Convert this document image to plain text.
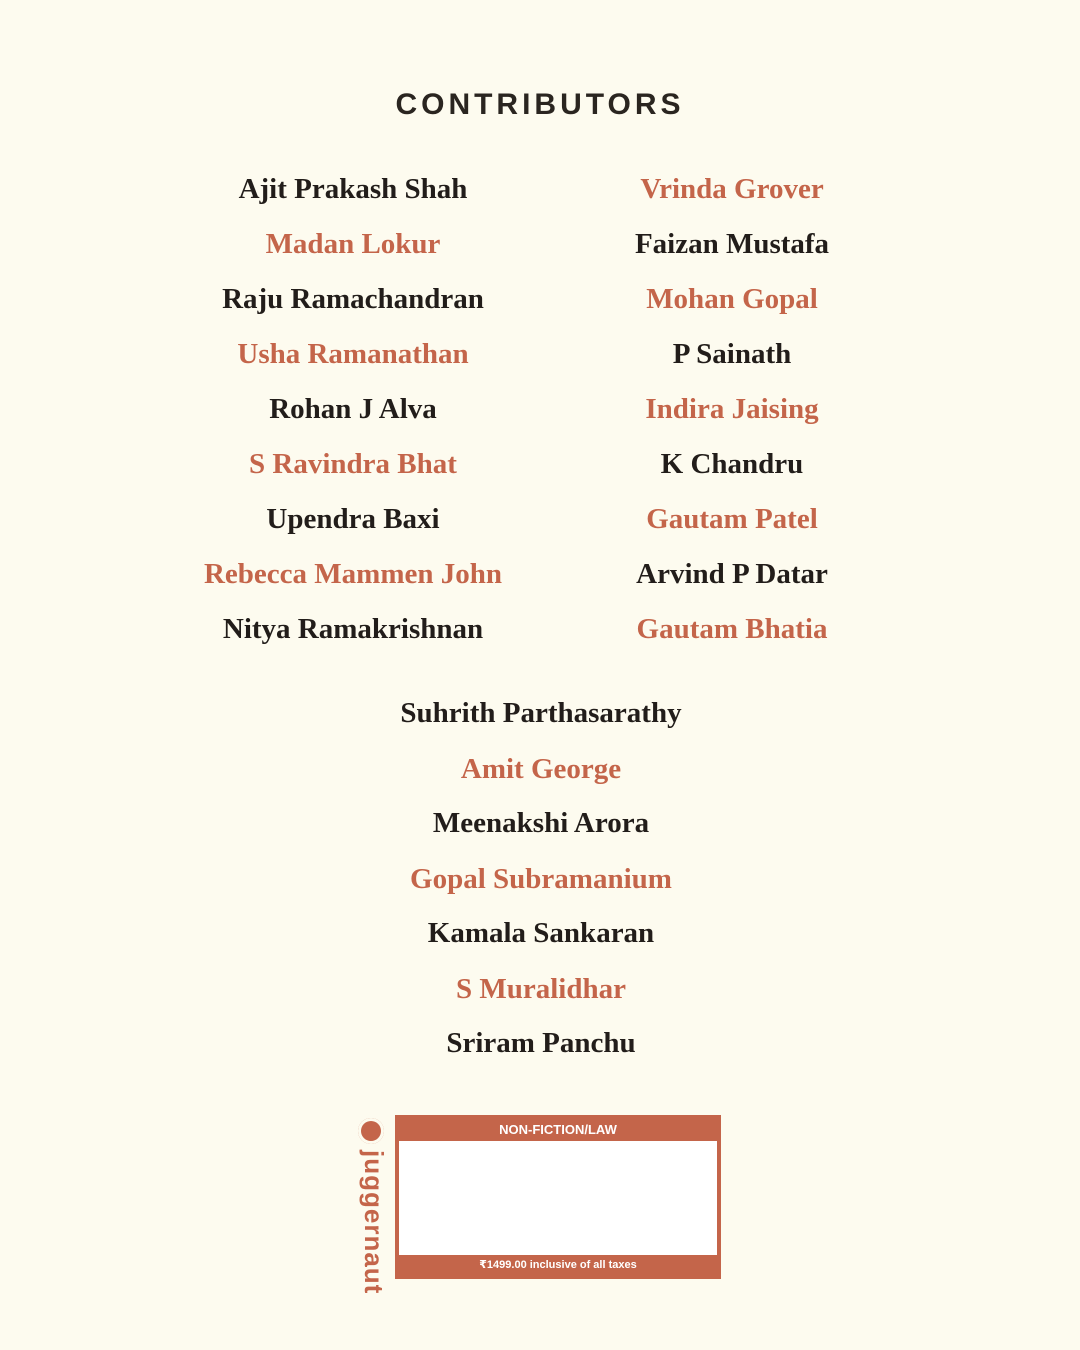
CONTRIBUTORS
Ajit Prakash Shah
Madan Lokur
Raju Ramachandran
Usha Ramanathan
Rohan J Alva
S Ravindra Bhat
Upendra Baxi
Rebecca Mammen John
Nitya Ramakrishnan
Vrinda Grover
Faizan Mustafa
Mohan Gopal
P Sainath
Indira Jaising
K Chandru
Gautam Patel
Arvind P Datar
Gautam Bhatia
Suhrith Parthasarathy
Amit George
Meenakshi Arora
Gopal Subramanium
Kamala Sankaran
S Muralidhar
Sriram Panchu
juggernaut
NON-FICTION/LAW
₹1499.00 inclusive of all taxes
